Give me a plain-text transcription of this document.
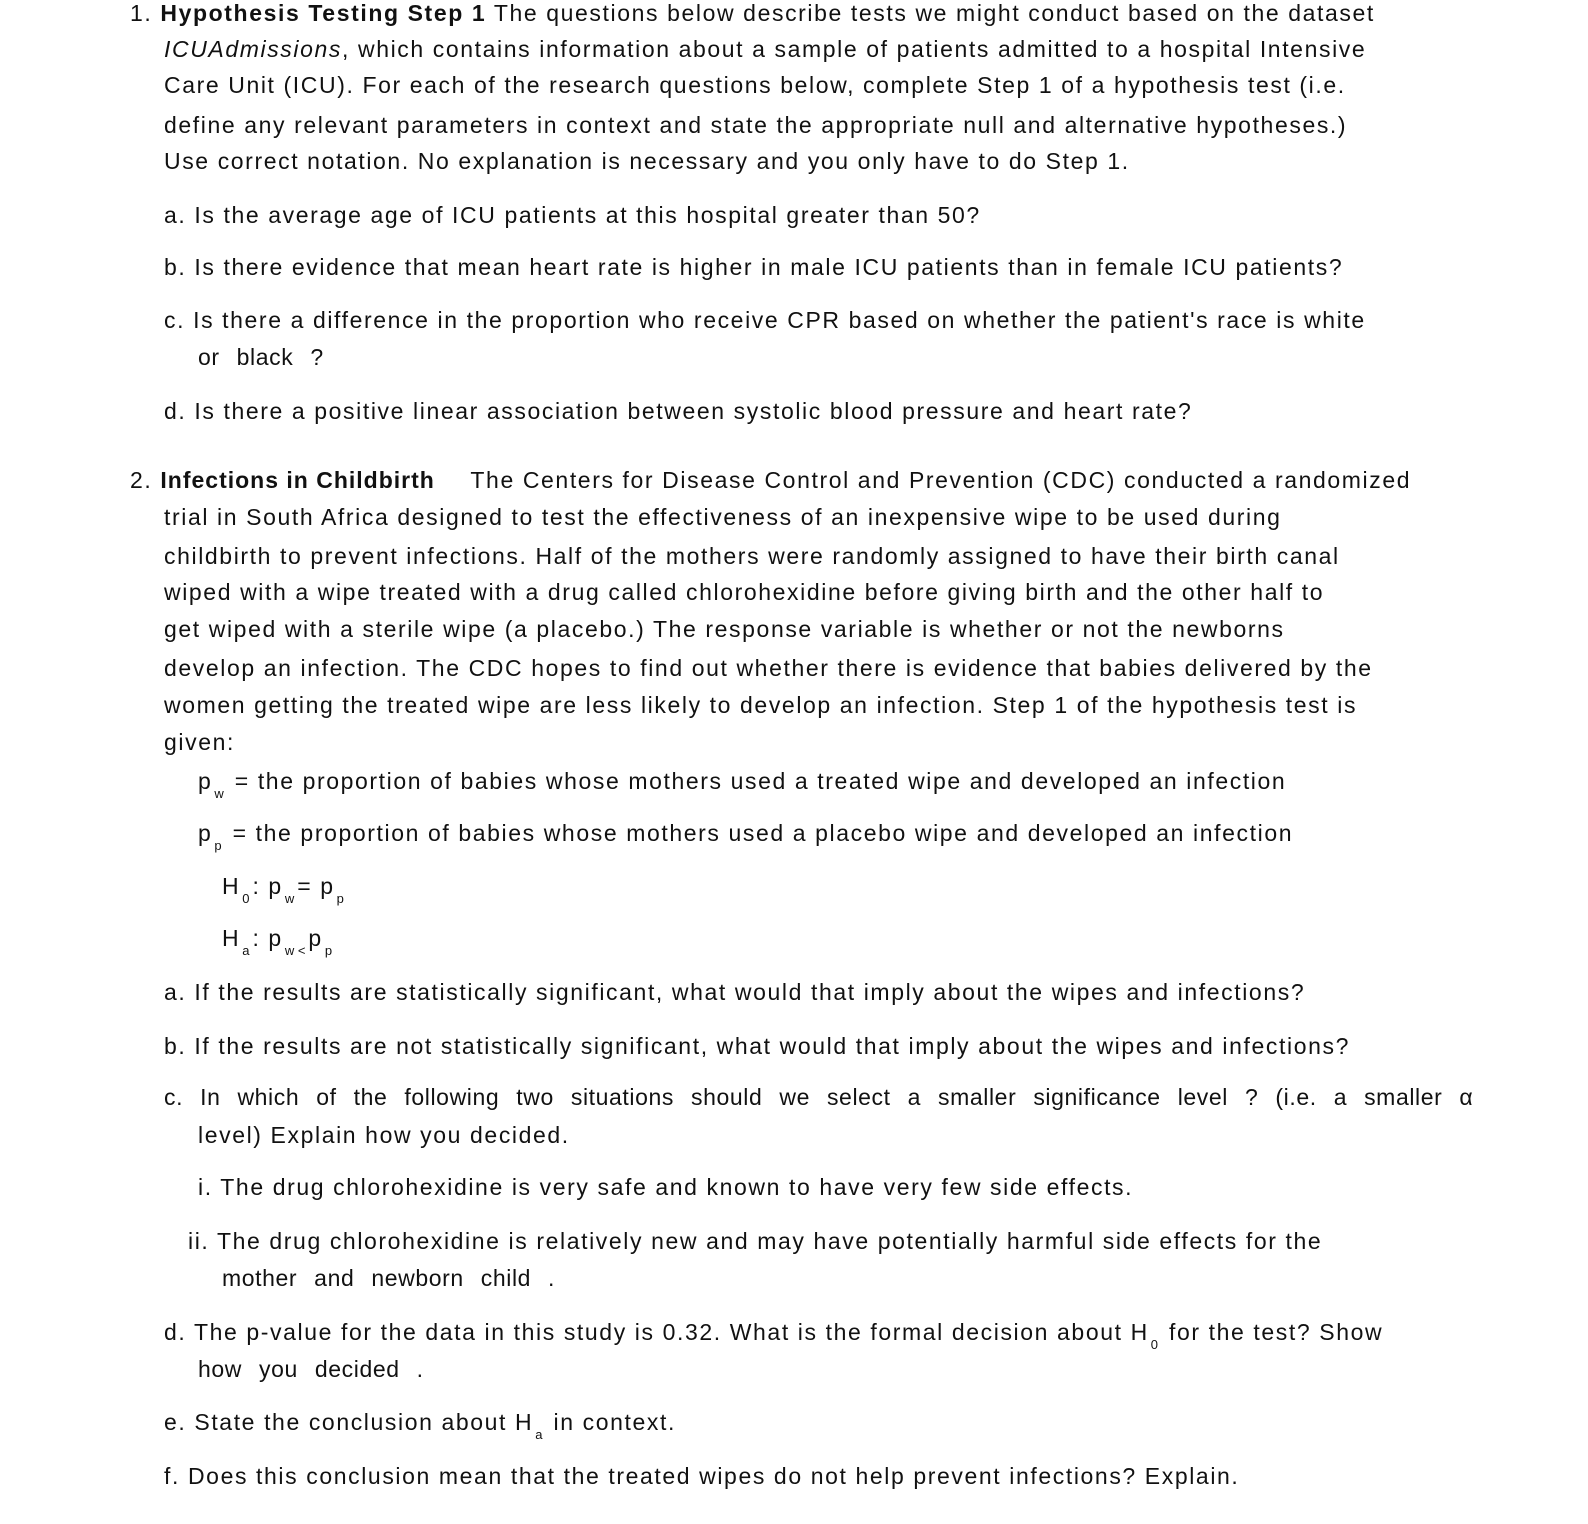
1. Hypothesis Testing Step 1 The questions below describe tests we might conduct based on the dataset
ICUAdmissions, which contains information about a sample of patients admitted to a hospital Intensive
Care Unit (ICU). For each of the research questions below, complete Step 1 of a hypothesis test (i.e.
define any relevant parameters in context and state the appropriate null and alternative hypotheses.)
Use correct notation. No explanation is necessary and you only have to do Step 1.
a. Is the average age of ICU patients at this hospital greater than 50?
b. Is there evidence that mean heart rate is higher in male ICU patients than in female ICU patients?
c. Is there a difference in the proportion who receive CPR based on whether the patient's race is white
or black ?
d. Is there a positive linear association between systolic blood pressure and heart rate?
2. Infections in Childbirth The Centers for Disease Control and Prevention (CDC) conducted a randomized
trial in South Africa designed to test the effectiveness of an inexpensive wipe to be used during
childbirth to prevent infections. Half of the mothers were randomly assigned to have their birth canal
wiped with a wipe treated with a drug called chlorohexidine before giving birth and the other half to
get wiped with a sterile wipe (a placebo.) The response variable is whether or not the newborns
develop an infection. The CDC hopes to find out whether there is evidence that babies delivered by the
women getting the treated wipe are less likely to develop an infection. Step 1 of the hypothesis test is
given:
p $_w$ = the proportion of babies whose mothers used a treated wipe and developed an infection
p $_p$ = the proportion of babies whose mothers used a placebo wipe and developed an infection
H $_0$ : p $_w$ = p $_p$
H $_a$ : p $_{w <}$ p $_p$
a. If the results are statistically significant, what would that imply about the wipes and infections?
b. If the results are not statistically significant, what would that imply about the wipes and infections?
c. In which of the following two situations should we select a smaller significance level ? (i.e. a smaller α
level) Explain how you decided.
i. The drug chlorohexidine is very safe and known to have very few side effects.
ii. The drug chlorohexidine is relatively new and may have potentially harmful side effects for the
mother and newborn child .
d. The p-value for the data in this study is 0.32. What is the formal decision about H $_0$ for the test? Show
how you decided .
e. State the conclusion about H $_a$ in context.
f. Does this conclusion mean that the treated wipes do not help prevent infections? Explain.
